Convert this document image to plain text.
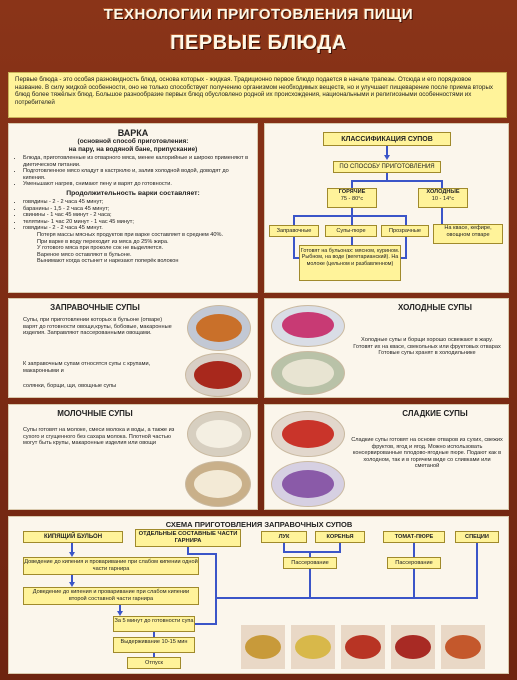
ТЕХНОЛОГИИ ПРИГОТОВЛЕНИЯ ПИЩИ
ПЕРВЫЕ БЛЮДА
Первые блюда - это особая разновидность блюд, основа которых - жидкая. Традиционно первое блюдо подается в начале трапезы. Отсюда и его порядковое название. В силу жидкой особенности, оно не только способствует получению организмом необходимых веществ, но и улучшает пищеварение после приема вторых блюд более тяжёлых блюд. Большое разнообразие первых блюд обусловлено родной их происхождения, национальными и религиозными особенностями их потребителей
ВАРКА
(основной способ приготовления:
на пару, на водяной бане, припускание)
• Блюда, приготовленные из отварного мяса, менее калорийные и широко применяют в диетическом питании.
• Подготовленное мясо кладут в кастрюлю и, залив холодной водой, доводят до кипения.
• Уменьшают нагрев, снимают пену и варят до готовности.
Продолжительность варки составляет:
• говядины - 2 - 2 часа 45 минут;
• баранины - 1,5 - 2 часа 45 минут;
• свинины - 1 час 45 минут - 2 часа;
• телятины- 1 час 20 минут - 1 час 45 минут;
• говядины - 2 - 2 часа 45 минут.
Потеря массы мясных продуктов при варке составляет в среднем 40%.
При варке в воду переходит из мяса до 25% жира.
У готового мяса при проколе сок не выделяется.
Вареное мясо оставляют в бульоне.
Вынимают когда остынет и нарезают поперёк волокон
КЛАССИФИКАЦИЯ СУПОВ
ПО СПОСОБУ ПРИГОТОВЛЕНИЯ
ГОРЯЧИЕ
75 - 80°с
ХОЛОДНЫЕ
10 - 14°с
Заправочные	Супы-пюре	Прозрачные	На квасе, кефире, овощном отваре
Готовят на бульонах: мясном, курином. Рыбном, на воде (вегетарианский). На молоке (цельном и разбавленном)
ЗАПРАВОЧНЫЕ СУПЫ
Супы, при приготовлении которых в бульоне (отваре) варят до готовности овощи,крупы, бобовые, макаронные изделия. Заправляют пассерованными овощами.
К заправочным супам относятся супы с крупами, макаронными и
солянки, борщи, щи, овощные супы
ХОЛОДНЫЕ СУПЫ
Холодные супы и борщи хорошо освежают в жару. Готовят их на квасе, свекольных или фруктовых отварах Готовые супы хранят в холодильнике
МОЛОЧНЫЕ СУПЫ
Супы готовят на молоке, смеси молока и воды, а также из сухого и сгущенного без сахара молока. Плотной частью могут быть крупы, макаронные изделия или овощи
СЛАДКИЕ СУПЫ
Сладкие супы готовят на основе отваров из сухих, свежих фруктов, ягод и ягод. Можно использовать консервированные плодово-ягодные пюре. Подают как в холодном, так и в горячем виде со сливками или сметаной
СХЕМА ПРИГОТОВЛЕНИЯ ЗАПРАВОЧНЫХ СУПОВ
КИПЯЩИЙ БУЛЬОН	ОТДЕЛЬНЫЕ СОСТАВНЫЕ ЧАСТИ ГАРНИРА
ЛУК	КОРЕНЬЯ	ТОМАТ-ПЮРЕ	СПЕЦИИ
Доведение до кипения и проваривание при слабом кипении одной части гарнира
Доведение до кипения и проваривание при слабом кипении второй составной части гарнира
За 5 минут до готовности супа
Выдерживание 10-15 мин
Отпуск
Пассерование	Пассерование
